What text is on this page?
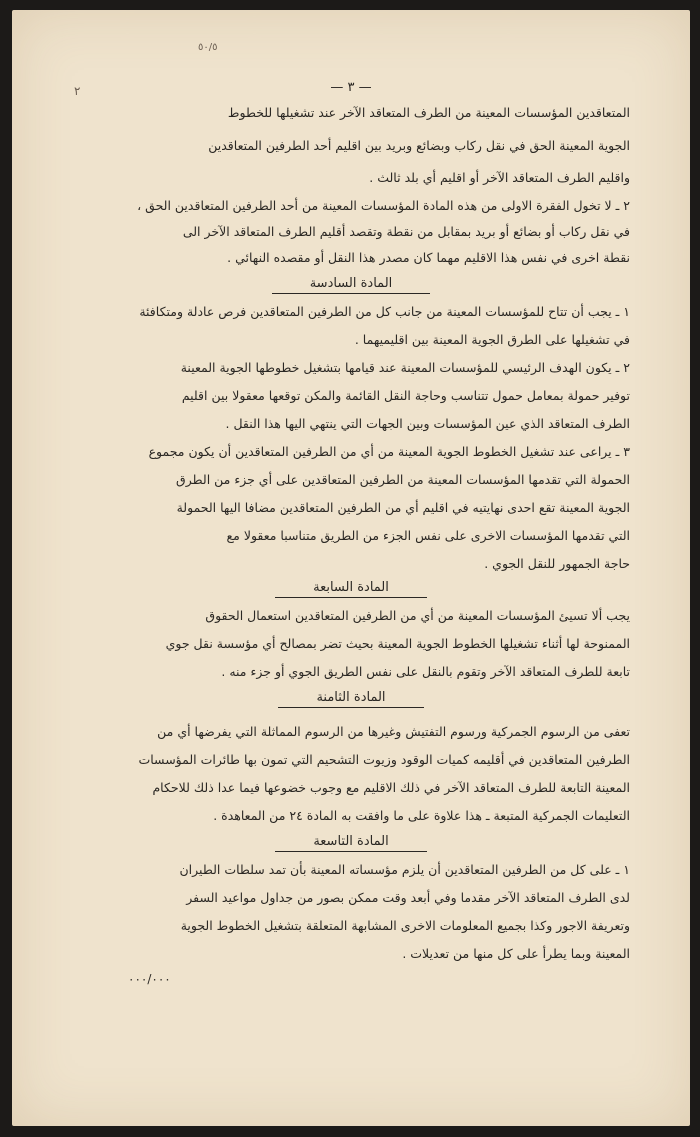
٥٠/٥
٢	— ٣ —
المتعاقدين المؤسسات المعينة من الطرف المتعاقد الآخر عند تشغيلها للخطوط
الجوية المعينة الحق في نقل ركاب وبضائع وبريد بين اقليم أحد الطرفين المتعاقدين
واقليم الطرف المتعاقد الآخر أو اقليم أي بلد ثالث .
٢ ـ لا تخول الفقرة الاولى من هذه المادة المؤسسات المعينة من أحد الطرفين المتعاقدين الحق ،
في نقل ركاب أو بضائع أو بريد بمقابل من نقطة وتقصد أقليم الطرف المتعاقد الآخر الى
نقطة اخرى في نفس هذا الاقليم مهما كان مصدر هذا النقل أو مقصده النهائي .
المادة السادسة
١ ـ يجب أن تتاح للمؤسسات المعينة من جانب كل من الطرفين المتعاقدين فرص عادلة ومتكافئة
في تشغيلها على الطرق الجوية المعينة بين اقليميهما .
٢ ـ يكون الهدف الرئيسي للمؤسسات المعينة عند قيامها بتشغيل خطوطها الجوية المعينة
توفير حمولة بمعامل حمول تتناسب وحاجة النقل القائمة والمكن توقعها معقولا بين اقليم
الطرف المتعاقد الذي عين المؤسسات وبين الجهات التي ينتهي اليها هذا النقل .
٣ ـ يراعى عند تشغيل الخطوط الجوية المعينة من أي من الطرفين المتعاقدين أن يكون مجموع
الحمولة التي تقدمها المؤسسات المعينة من الطرفين المتعاقدين على أي جزء من الطرق
الجوية المعينة تقع احدى نهايتيه في اقليم أي من الطرفين المتعاقدين مضافا اليها الحمولة
التي تقدمها المؤسسات الاخرى على نفس الجزء من الطريق متناسبا معقولا مع
حاجة الجمهور للنقل الجوي .
المادة السابعة
يجب ألا تسيئ المؤسسات المعينة من أي من الطرفين المتعاقدين استعمال الحقوق
الممنوحة لها أثناء تشغيلها الخطوط الجوية المعينة بحيث تضر بمصالح أي مؤسسة نقل جوي
تابعة للطرف المتعاقد الآخر وتقوم بالنقل على نفس الطريق الجوي أو جزء منه .
المادة الثامنة
تعفى من الرسوم الجمركية ورسوم التفتيش وغيرها من الرسوم المماثلة التي يفرضها أي من
الطرفين المتعاقدين في أقليمه كميات الوقود وزيوت التشحيم التي تمون بها طائرات المؤسسات
المعينة التابعة للطرف المتعاقد الآخر في ذلك الاقليم مع وجوب خضوعها فيما عدا ذلك للاحكام
التعليمات الجمركية المتبعة ـ هذا علاوة على ما وافقت به المادة ٢٤ من المعاهدة .
المادة التاسعة
١ ـ على كل من الطرفين المتعاقدين أن يلزم مؤسساته المعينة بأن تمد سلطات الطيران
لدى الطرف المتعاقد الآخر مقدما وفي أبعد وقت ممكن بصور من جداول مواعيد السفر
وتعريفة الاجور وكذا بجميع المعلومات الاخرى المشابهة المتعلقة بتشغيل الخطوط الجوية
المعينة وبما يطرأ على كل منها من تعديلات .
٠٠٠/٠٠٠
